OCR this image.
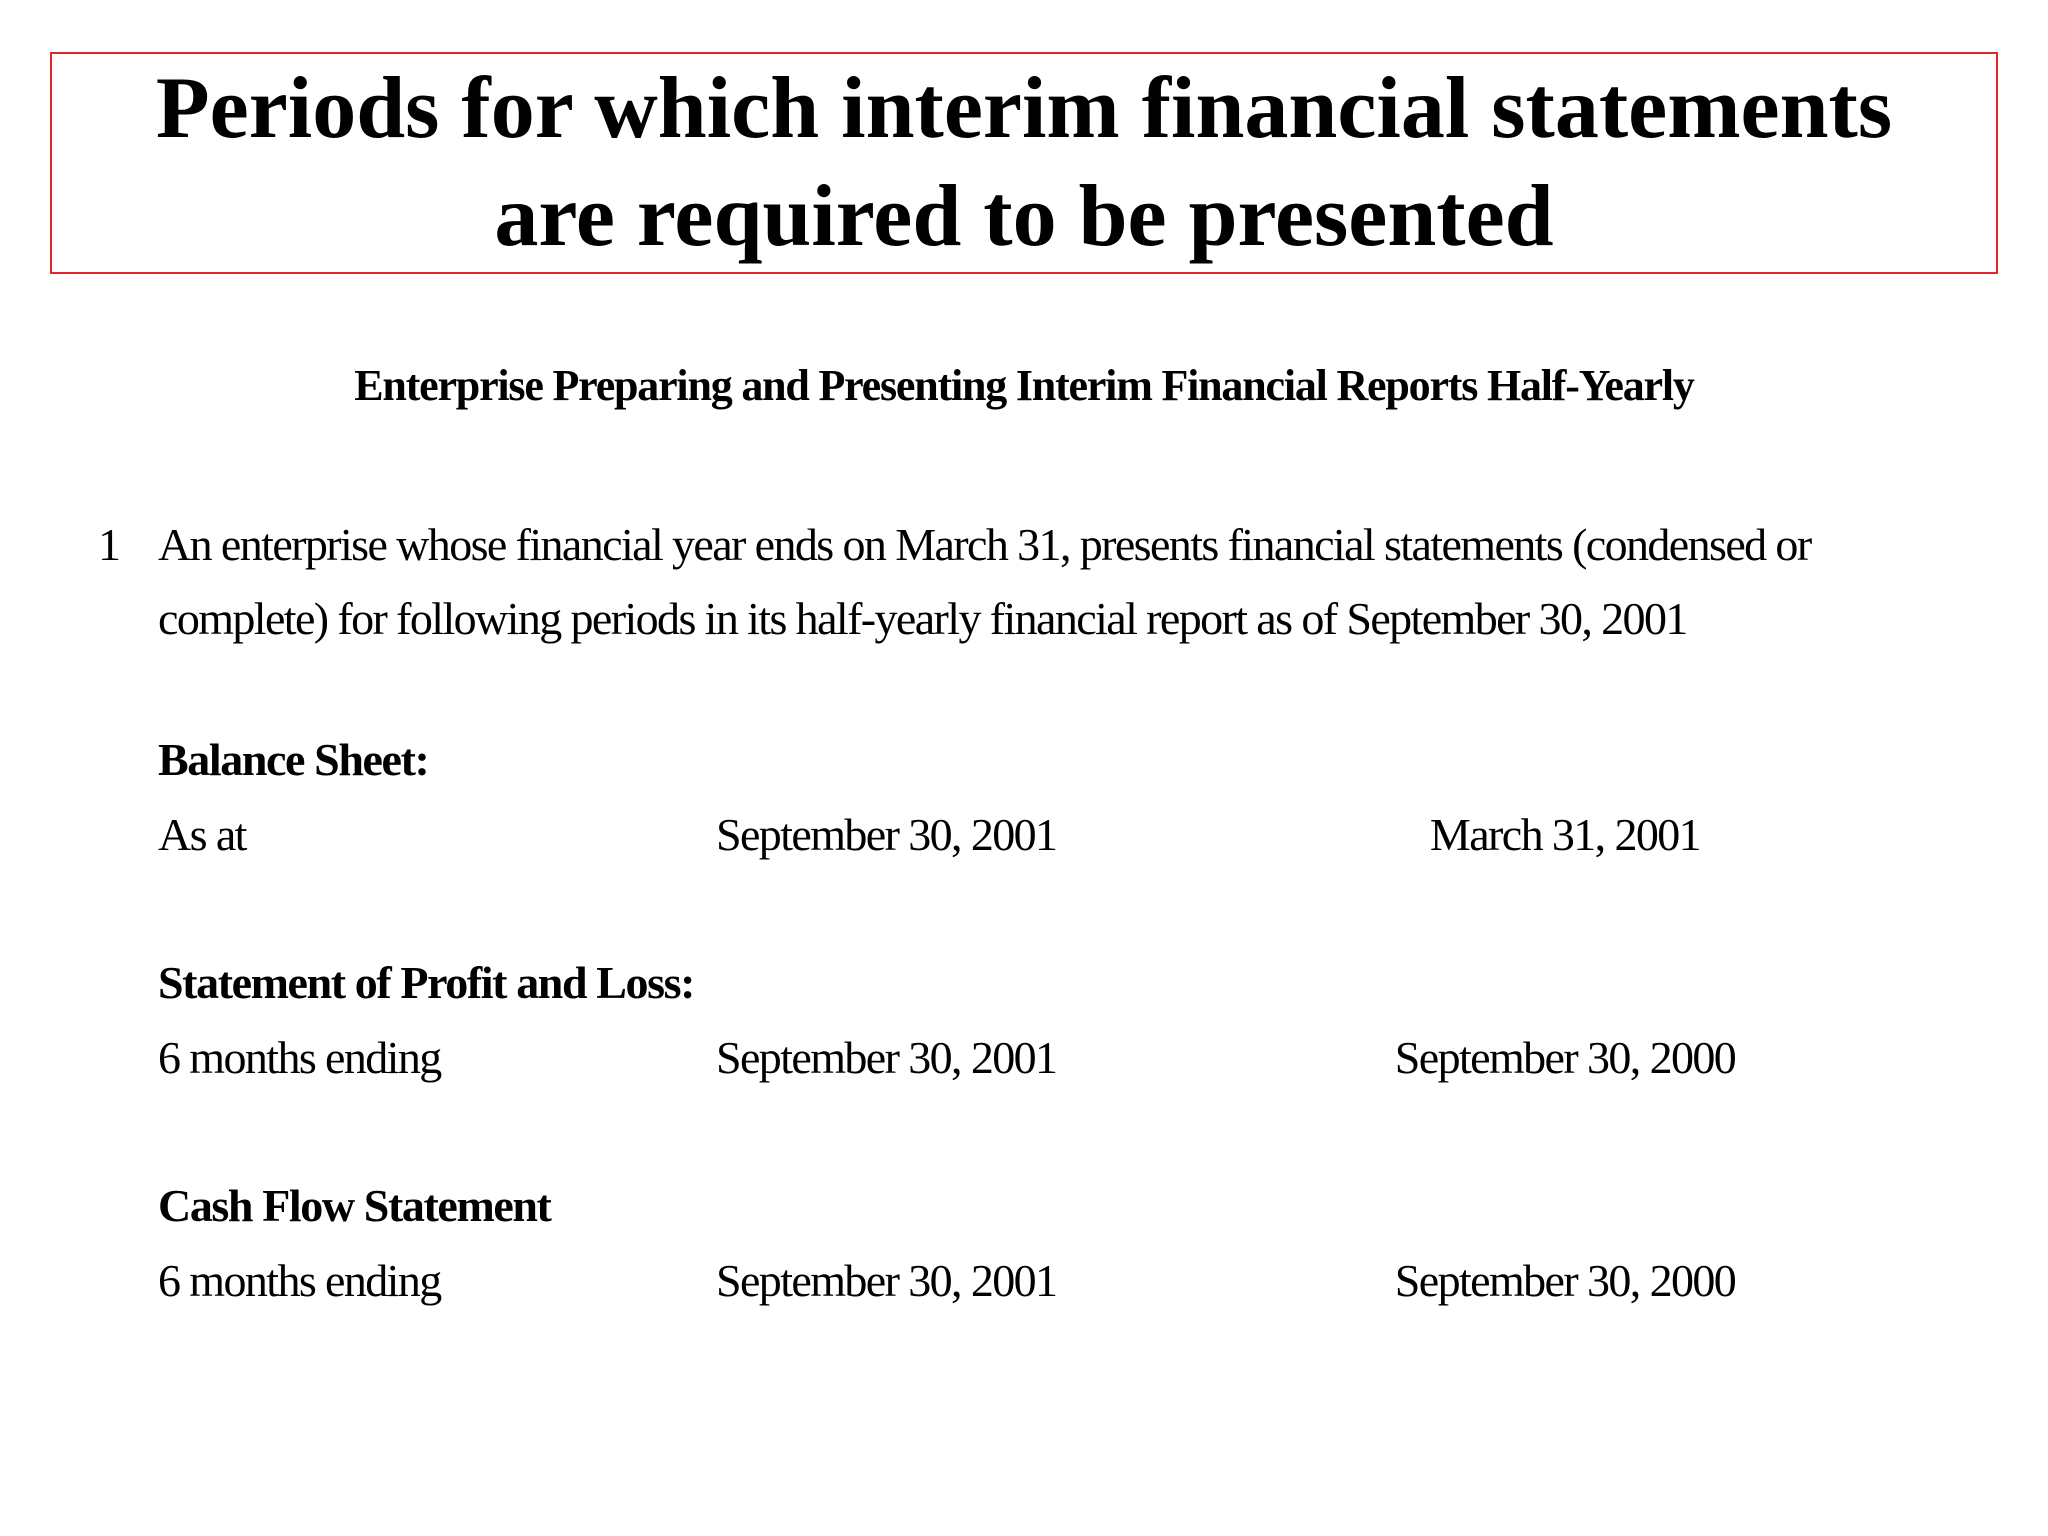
Periods for which interim financial statements
are required to be presented
Enterprise Preparing and Presenting Interim Financial Reports Half-Yearly
1 An enterprise whose financial year ends on March 31, presents financial statements (condensed or
complete) for following periods in its half-yearly financial report as of September 30, 2001
Balance Sheet:
As at	September 30, 2001	March 31, 2001
Statement of Profit and Loss:
6 months ending	September 30, 2001	September 30, 2000
Cash Flow Statement
6 months ending	September 30, 2001	September 30, 2000
